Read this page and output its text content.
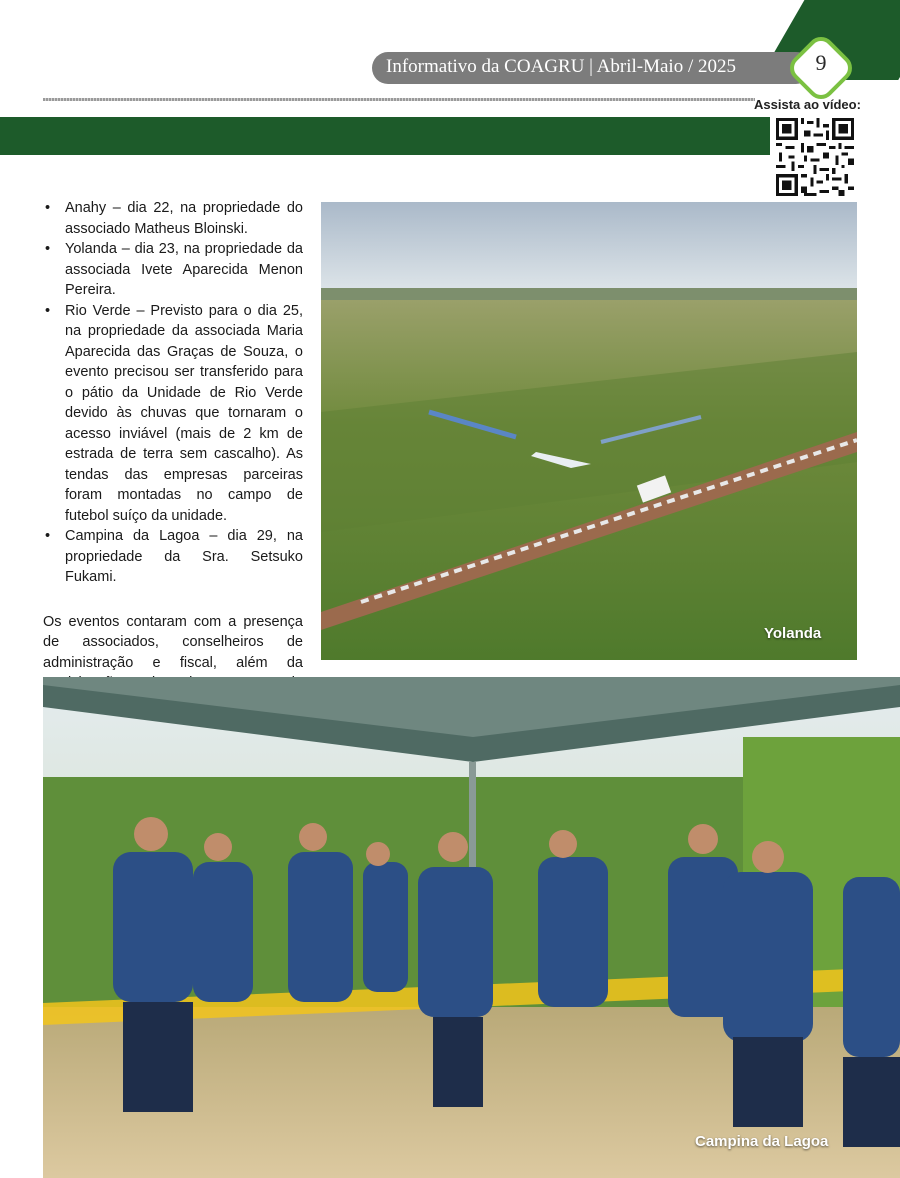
Informativo da COAGRU | Abril-Maio / 2025	9
Assista ao vídeo:
• Anahy – dia 22, na propriedade do associado Matheus Bloinski.
• Yolanda – dia 23, na propriedade da associada Ivete Aparecida Menon Pereira.
• Rio Verde – Previsto para o dia 25, na propriedade da associada Maria Aparecida das Graças de Souza, o evento precisou ser transferido para o pátio da Unidade de Rio Verde devido às chuvas que tornaram o acesso inviável (mais de 2 km de estrada de terra sem cascalho). As tendas das empresas parceiras foram montadas no campo de futebol suíço da unidade.
• Campina da Lagoa – dia 29, na propriedade da Sra. Setsuko Fukami.

Os eventos contaram com a presença de associados, conselheiros de administração e fiscal, além da

Yolanda
Campina da Lagoa
